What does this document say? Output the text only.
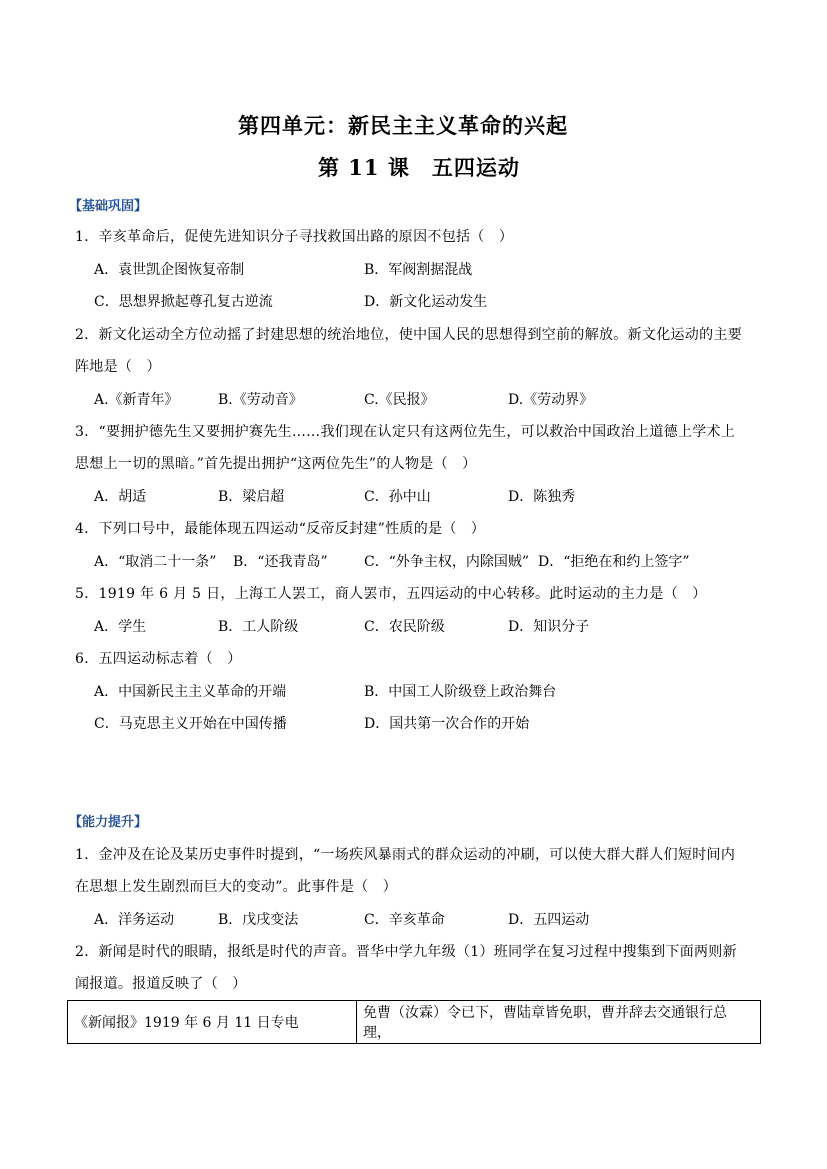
第四单元：新民主主义革命的兴起
第 11 课　五四运动
【基础巩固】
1．辛亥革命后，促使先进知识分子寻找救国出路的原因不包括（　）
A．袁世凯企图恢复帝制	B．军阀割据混战
C．思想界掀起尊孔复古逆流	D．新文化运动发生
2．新文化运动全方位动摇了封建思想的统治地位，使中国人民的思想得到空前的解放。新文化运动的主要
阵地是（　）
A.《新青年》	B.《劳动音》	C.《民报》	D.《劳动界》
3．“要拥护德先生又要拥护赛先生……我们现在认定只有这两位先生，可以救治中国政治上道德上学术上
思想上一切的黑暗。”首先提出拥护“这两位先生”的人物是（　）
A．胡适	B．梁启超	C．孙中山	D．陈独秀
4．下列口号中，最能体现五四运动“反帝反封建”性质的是（　）
A．“取消二十一条” B．“还我青岛”	C．“外争主权，内除国贼” D．“拒绝在和约上签字”
5．1919 年 6 月 5 日，上海工人罢工，商人罢市，五四运动的中心转移。此时运动的主力是（　）
A．学生	B．工人阶级	C．农民阶级	D．知识分子
6．五四运动标志着（　）
A．中国新民主主义革命的开端	B．中国工人阶级登上政治舞台
C．马克思主义开始在中国传播	D．国共第一次合作的开始
【能力提升】
1．金冲及在论及某历史事件时提到，“一场疾风暴雨式的群众运动的冲刷，可以使大群大群人们短时间内
在思想上发生剧烈而巨大的变动”。此事件是（　）
A．洋务运动	B．戊戌变法	C．辛亥革命	D．五四运动
2．新闻是时代的眼睛，报纸是时代的声音。晋华中学九年级（1）班同学在复习过程中搜集到下面两则新
闻报道。报道反映了（　）
《新闻报》1919 年 6 月 11 日专电	免曹（汝霖）令已下，曹陆章皆免职，曹并辞去交通银行总理，
